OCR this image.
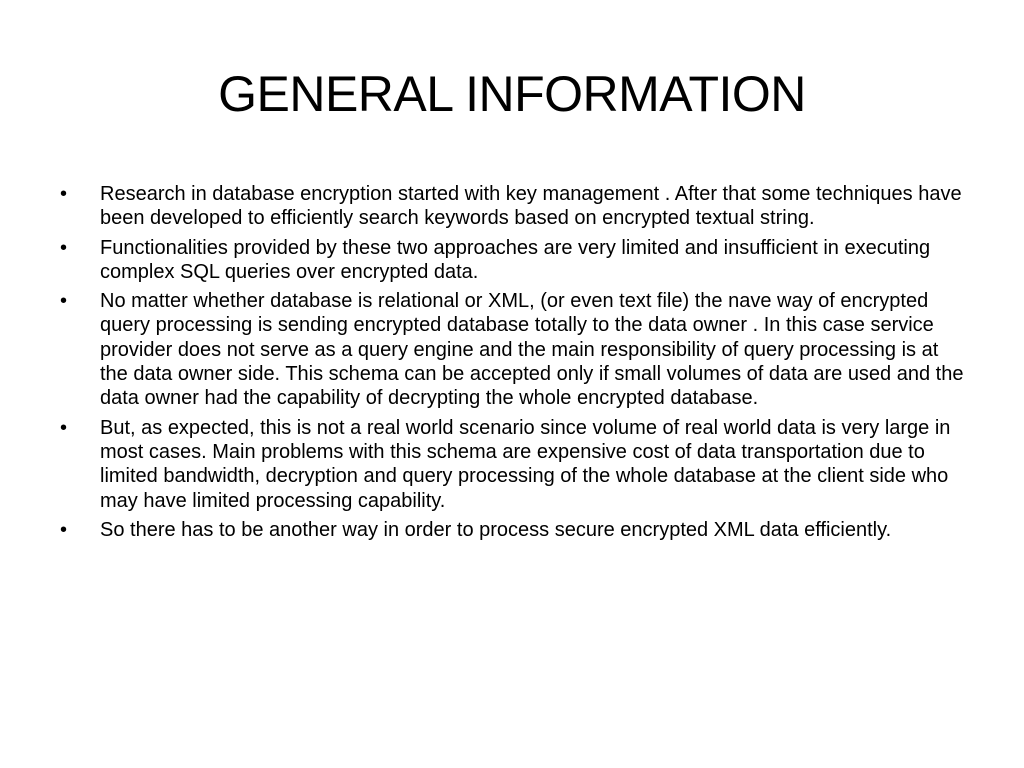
GENERAL INFORMATION
• Research in database encryption started with key management . After that some techniques have been developed to efficiently search keywords based on encrypted textual string.
• Functionalities provided by these two approaches are very limited and insufficient in executing complex SQL queries over encrypted data.
• No matter whether database is relational or XML, (or even text file) the nave way of encrypted query processing is sending encrypted database totally to the data owner . In this case service provider does not serve as a query engine and the main responsibility of query processing is at the data owner side. This schema can be accepted only if small volumes of data are used and the data owner had the capability of decrypting the whole encrypted database.
• But, as expected, this is not a real world scenario since volume of real world data is very large in most cases. Main problems with this schema are expensive cost of data transportation due to limited bandwidth, decryption and query processing of the whole database at the client side who may have limited processing capability.
• So there has to be another way in order to process secure encrypted XML data efficiently.
